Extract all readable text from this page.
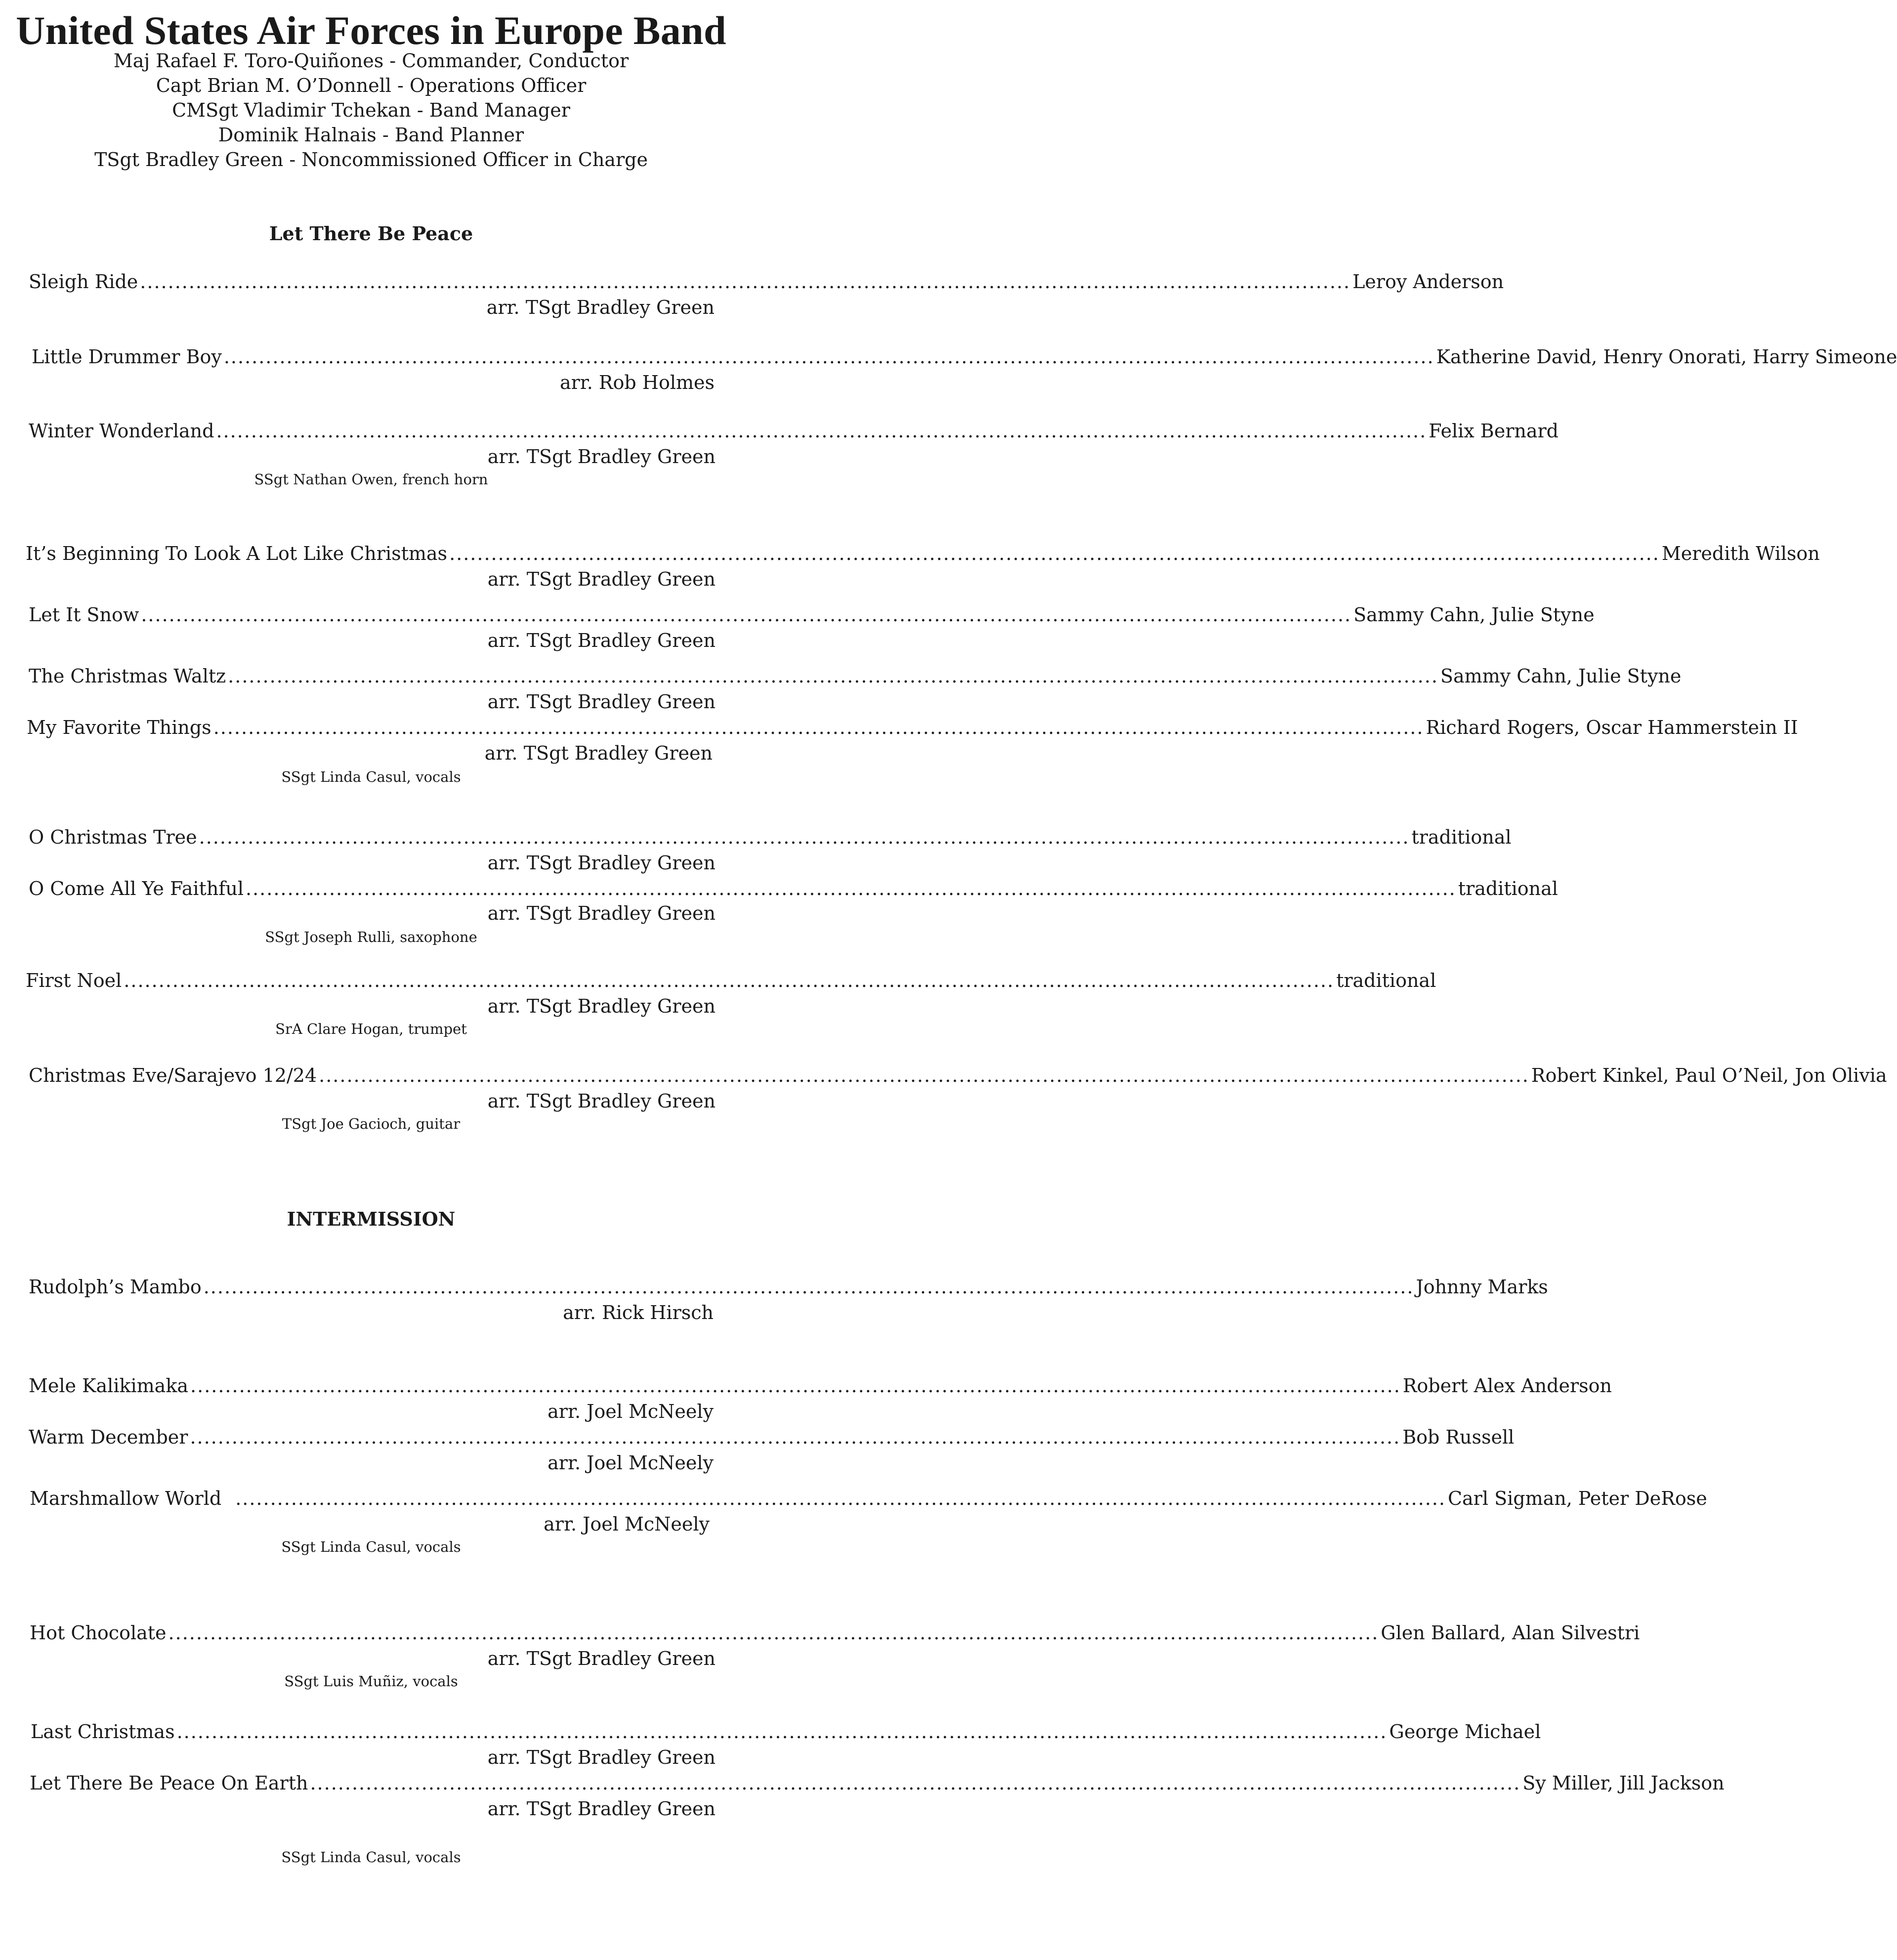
United States Air Forces in Europe Band
Maj Rafael F. Toro-Quiñones - Commander, Conductor
Capt Brian M. O’Donnell - Operations Officer
CMSgt Vladimir Tchekan - Band Manager
Dominik Halnais - Band Planner
TSgt Bradley Green - Noncommissioned Officer in Charge
Let There Be Peace
Sleigh Ride .............................................................................................................................................................................. Leroy Anderson
arr. TSgt Bradley Green
Little Drummer Boy .............................................................................................................................................................................. Katherine David, Henry Onorati, Harry Simeone
arr. Rob Holmes
Winter Wonderland .............................................................................................................................................................................. Felix Bernard
arr. TSgt Bradley Green
SSgt Nathan Owen, french horn
It’s Beginning To Look A Lot Like Christmas .............................................................................................................................................................................. Meredith Wilson
arr. TSgt Bradley Green
Let It Snow .............................................................................................................................................................................. Sammy Cahn, Julie Styne
arr. TSgt Bradley Green
The Christmas Waltz .............................................................................................................................................................................. Sammy Cahn, Julie Styne
arr. TSgt Bradley Green
My Favorite Things .............................................................................................................................................................................. Richard Rogers, Oscar Hammerstein II
arr. TSgt Bradley Green
SSgt Linda Casul, vocals
O Christmas Tree .............................................................................................................................................................................. traditional
arr. TSgt Bradley Green
O Come All Ye Faithful .............................................................................................................................................................................. traditional
arr. TSgt Bradley Green
SSgt Joseph Rulli, saxophone
First Noel .............................................................................................................................................................................. traditional
arr. TSgt Bradley Green
SrA Clare Hogan, trumpet
Christmas Eve/Sarajevo 12/24 .............................................................................................................................................................................. Robert Kinkel, Paul O’Neil, Jon Olivia
arr. TSgt Bradley Green
TSgt Joe Gacioch, guitar
INTERMISSION
Rudolph’s Mambo .............................................................................................................................................................................. Johnny Marks
arr. Rick Hirsch
Mele Kalikimaka .............................................................................................................................................................................. Robert Alex Anderson
arr. Joel McNeely
Warm December .............................................................................................................................................................................. Bob Russell
arr. Joel McNeely
Marshmallow World .............................................................................................................................................................................. Carl Sigman, Peter DeRose
arr. Joel McNeely
SSgt Linda Casul, vocals
Hot Chocolate .............................................................................................................................................................................. Glen Ballard, Alan Silvestri
arr. TSgt Bradley Green
SSgt Luis Muñiz, vocals
Last Christmas .............................................................................................................................................................................. George Michael
arr. TSgt Bradley Green
Let There Be Peace On Earth .............................................................................................................................................................................. Sy Miller, Jill Jackson
arr. TSgt Bradley Green
SSgt Linda Casul, vocals
